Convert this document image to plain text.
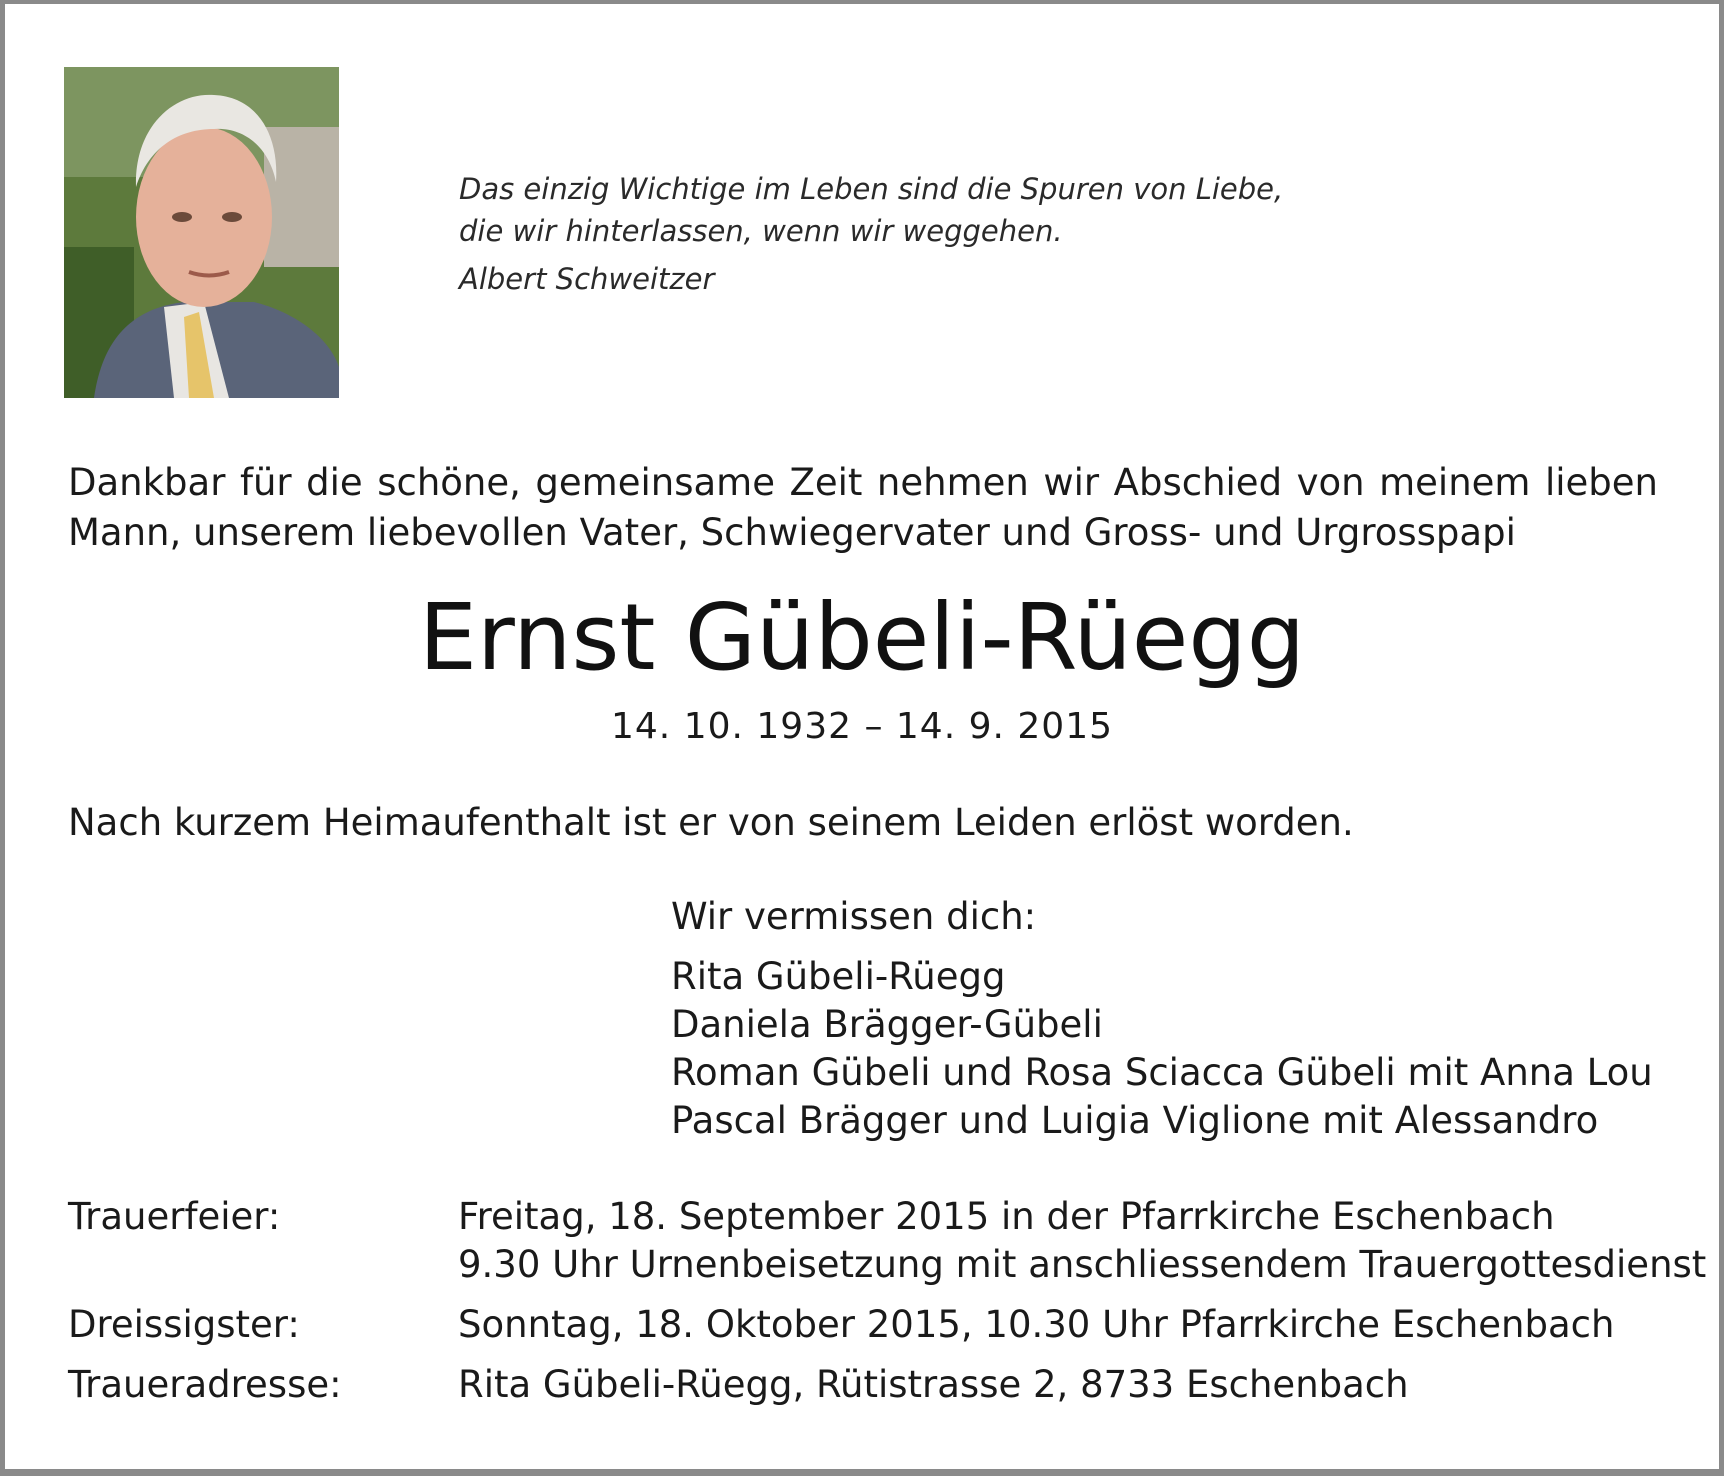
Das einzig Wichtige im Leben sind die Spuren von Liebe,
die wir hinterlassen, wenn wir weggehen.
Albert Schweitzer
Dankbar für die schöne, gemeinsame Zeit nehmen wir Abschied von meinem lieben
Mann, unserem liebevollen Vater, Schwiegervater und Gross- und Urgrosspapi
Ernst Gübeli-Rüegg
14. 10. 1932 – 14. 9. 2015
Nach kurzem Heimaufenthalt ist er von seinem Leiden erlöst worden.
Wir vermissen dich:
Rita Gübeli-Rüegg
Daniela Brägger-Gübeli
Roman Gübeli und Rosa Sciacca Gübeli mit Anna Lou
Pascal Brägger und Luigia Viglione mit Alessandro
Trauerfeier:	Freitag, 18. September 2015 in der Pfarrkirche Eschenbach
9.30 Uhr Urnenbeisetzung mit anschliessendem Trauergottesdienst
Dreissigster:	Sonntag, 18. Oktober 2015, 10.30 Uhr Pfarrkirche Eschenbach
Traueradresse:	Rita Gübeli-Rüegg, Rütistrasse 2, 8733 Eschenbach
